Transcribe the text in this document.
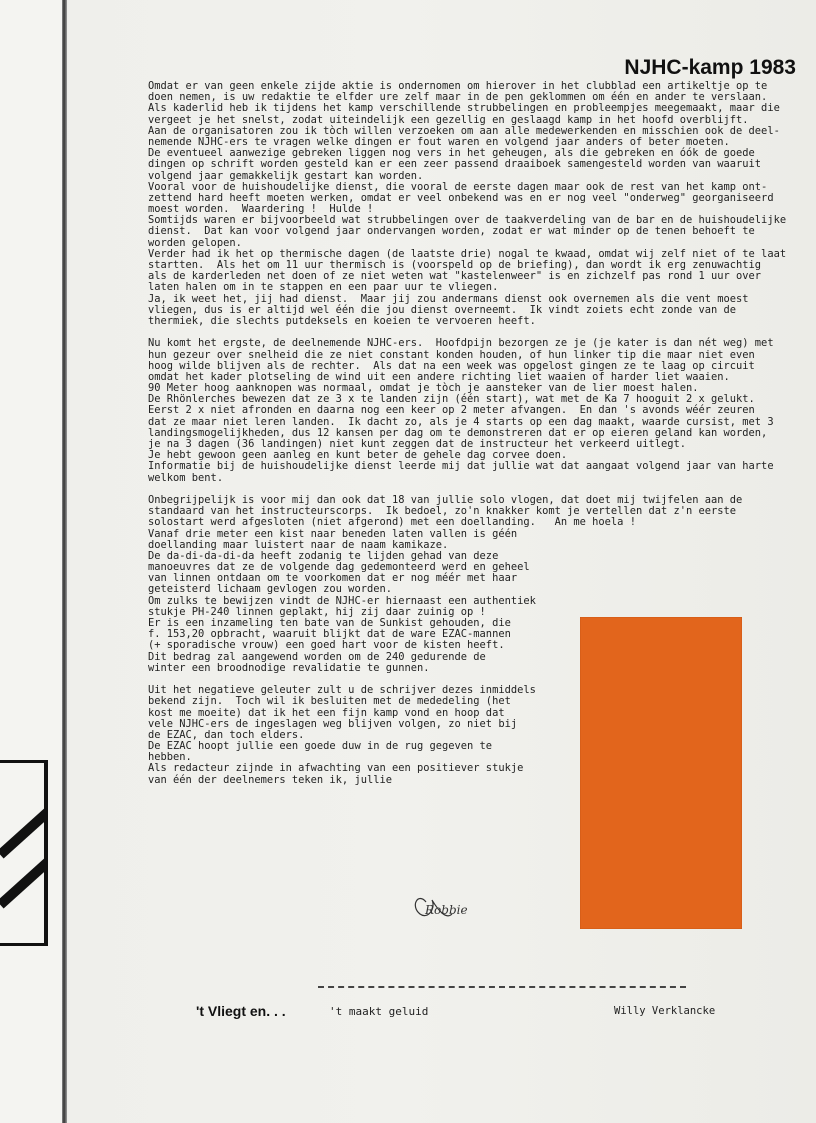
NJHC-kamp 1983
Omdat er van geen enkele zijde aktie is ondernomen om hierover in het clubblad een artikeltje op te
doen nemen, is uw redaktie te elfder ure zelf maar in de pen geklommen om één en ander te verslaan.
Als kaderlid heb ik tijdens het kamp verschillende strubbelingen en probleempjes meegemaakt, maar die
vergeet je het snelst, zodat uiteindelijk een gezellig en geslaagd kamp in het hoofd overblijft.
Aan de organisatoren zou ik tòch willen verzoeken om aan alle medewerkenden en misschien ook de deel-
nemende NJHC-ers te vragen welke dingen er fout waren en volgend jaar anders of beter moeten.
De eventueel aanwezige gebreken liggen nog vers in het geheugen, als die gebreken en óók de goede
dingen op schrift worden gesteld kan er een zeer passend draaiboek samengesteld worden van waaruit
volgend jaar gemakkelijk gestart kan worden.
Vooral voor de huishoudelijke dienst, die vooral de eerste dagen maar ook de rest van het kamp ont-
zettend hard heeft moeten werken, omdat er veel onbekend was en er nog veel "onderweg" georganiseerd
moest worden.  Waardering !  Hulde !
Somtijds waren er bijvoorbeeld wat strubbelingen over de taakverdeling van de bar en de huishoudelijke
dienst.  Dat kan voor volgend jaar ondervangen worden, zodat er wat minder op de tenen behoeft te
worden gelopen.
Verder had ik het op thermische dagen (de laatste drie) nogal te kwaad, omdat wij zelf niet of te laat
startten.  Als het om 11 uur thermisch is (voorspeld op de briefing), dan wordt ik erg zenuwachtig
als de karderleden net doen of ze niet weten wat "kastelenweer" is en zichzelf pas rond 1 uur over
laten halen om in te stappen en een paar uur te vliegen.
Ja, ik weet het, jij had dienst.  Maar jij zou andermans dienst ook overnemen als die vent moest
vliegen, dus is er altijd wel één die jou dienst overneemt.  Ik vindt zoiets echt zonde van de
thermiek, die slechts putdeksels en koeien te vervoeren heeft.
Nu komt het ergste, de deelnemende NJHC-ers.  Hoofdpijn bezorgen ze je (je kater is dan nét weg) met
hun gezeur over snelheid die ze niet constant konden houden, of hun linker tip die maar niet even
hoog wilde blijven als de rechter.  Als dat na een week was opgelost gingen ze te laag op circuit
omdat het kader plotseling de wind uit een andere richting liet waaien of harder liet waaien.
90 Meter hoog aanknopen was normaal, omdat je tòch je aansteker van de lier moest halen.
De Rhönlerches bewezen dat ze 3 x te landen zijn (één start), wat met de Ka 7 hooguit 2 x gelukt.
Eerst 2 x niet afronden en daarna nog een keer op 2 meter afvangen.  En dan 's avonds wéér zeuren
dat ze maar niet leren landen.  Ik dacht zo, als je 4 starts op een dag maakt, waarde cursist, met 3
landingsmogelijkheden, dus 12 kansen per dag om te demonstreren dat er op eieren geland kan worden,
je na 3 dagen (36 landingen) niet kunt zeggen dat de instructeur het verkeerd uitlegt.
Je hebt gewoon geen aanleg en kunt beter de gehele dag corvee doen.
Informatie bij de huishoudelijke dienst leerde mij dat jullie wat dat aangaat volgend jaar van harte
welkom bent.
Onbegrijpelijk is voor mij dan ook dat 18 van jullie solo vlogen, dat doet mij twijfelen aan de
standaard van het instructeurscorps.  Ik bedoel, zo'n knakker komt je vertellen dat z'n eerste
solostart werd afgesloten (niet afgerond) met een doellanding.   An me hoela !
Vanaf drie meter een kist naar beneden laten vallen is géén
doellanding maar luistert naar de naam kamikaze.
De da-di-da-di-da heeft zodanig te lijden gehad van deze
manoeuvres dat ze de volgende dag gedemonteerd werd en geheel
van linnen ontdaan om te voorkomen dat er nog méér met haar
geteisterd lichaam gevlogen zou worden.
Om zulks te bewijzen vindt de NJHC-er hiernaast een authentiek
stukje PH-240 linnen geplakt, hij zij daar zuinig op !
Er is een inzameling ten bate van de Sunkist gehouden, die
f. 153,20 opbracht, waaruit blijkt dat de ware EZAC-mannen
(+ sporadische vrouw) een goed hart voor de kisten heeft.
Dit bedrag zal aangewend worden om de 240 gedurende de
winter een broodnodige revalidatie te gunnen.
Uit het negatieve geleuter zult u de schrijver dezes inmiddels
bekend zijn.  Toch wil ik besluiten met de mededeling (het
kost me moeite) dat ik het een fijn kamp vond en hoop dat
vele NJHC-ers de ingeslagen weg blijven volgen, zo niet bij
de EZAC, dan toch elders.
De EZAC hoopt jullie een goede duw in de rug gegeven te
hebben.
Als redacteur zijnde in afwachting van een positiever stukje
van één der deelnemers teken ik, jullie
Robbie
't Vliegt en. . .	't maakt geluid	Willy Verklancke
